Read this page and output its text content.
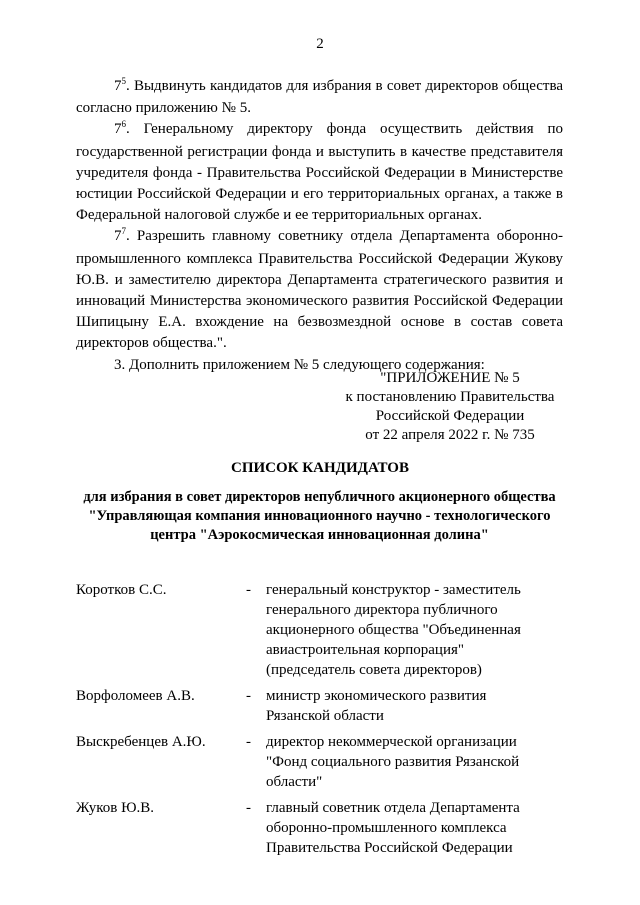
2

$7^5$. Выдвинуть кандидатов для избрания в совет директоров общества согласно приложению № 5.

$7^6$. Генеральному директору фонда осуществить действия по государственной регистрации фонда и выступить в качестве представителя учредителя фонда - Правительства Российской Федерации в Министерстве юстиции Российской Федерации и его территориальных органах, а также в Федеральной налоговой службе и ее территориальных органах.

$7^7$. Разрешить главному советнику отдела Департамента оборонно-промышленного комплекса Правительства Российской Федерации Жукову Ю.В. и заместителю директора Департамента стратегического развития и инноваций Министерства экономического развития Российской Федерации Шипицыну Е.А. вхождение на безвозмездной основе в состав совета директоров общества.".

3. Дополнить приложением № 5 следующего содержания:

"ПРИЛОЖЕНИЕ № 5
к постановлению Правительства
Российской Федерации
от 22 апреля 2022 г. № 735
СПИСОК КАНДИДАТОВ
для избрания в совет директоров непубличного акционерного общества "Управляющая компания инновационного научно - технологического центра "Аэрокосмическая инновационная долина"
Коротков С.С.	-	генеральный конструктор - заместитель генерального директора публичного акционерного общества "Объединенная авиастроительная корпорация" (председатель совета директоров)
Ворфоломеев А.В.	-	министр экономического развития Рязанской области
Выскребенцев А.Ю.	-	директор некоммерческой организации "Фонд социального развития Рязанской области"
Жуков Ю.В.	-	главный советник отдела Департамента оборонно-промышленного комплекса Правительства Российской Федерации
